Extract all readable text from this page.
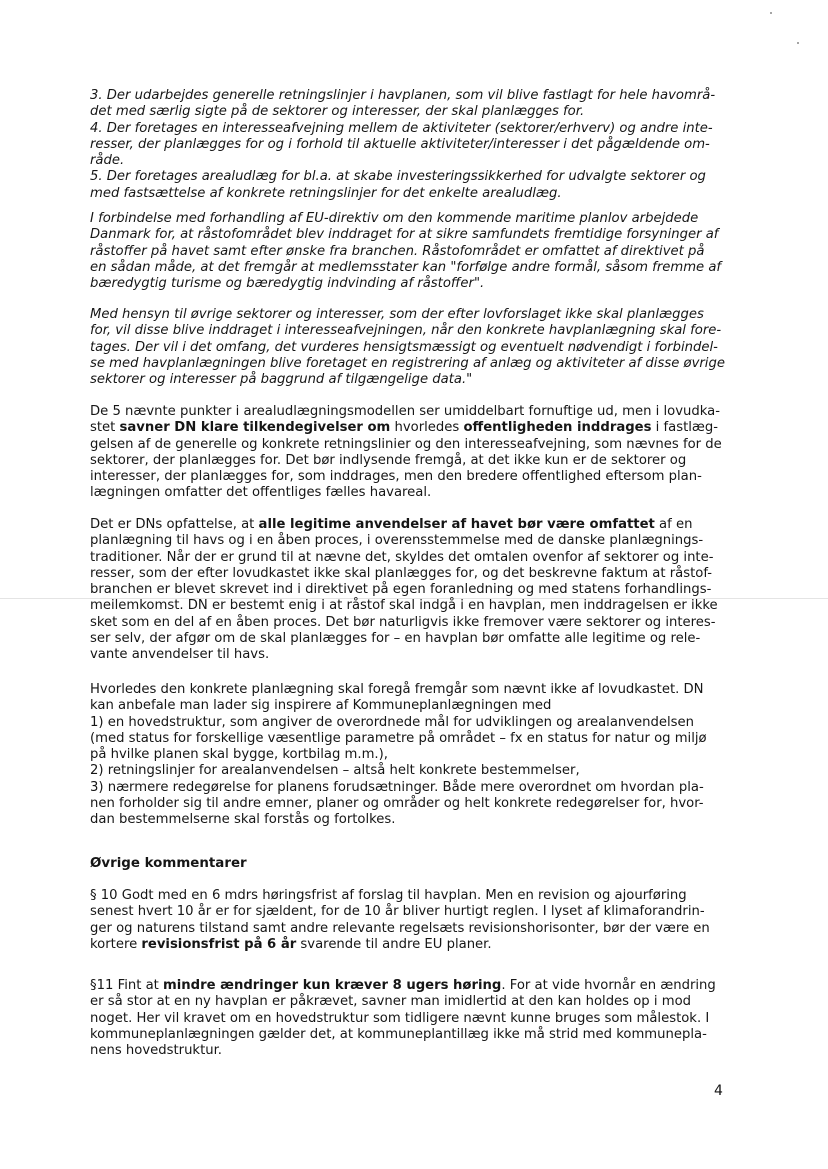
3. Der udarbejdes generelle retningslinjer i havplanen, som vil blive fastlagt for hele havområ-
det med særlig sigte på de sektorer og interesser, der skal planlægges for.
4. Der foretages en interesseafvejning mellem de aktiviteter (sektorer/erhverv) og andre inte-
resser, der planlægges for og i forhold til aktuelle aktiviteter/interesser i det pågældende om-
råde.
5. Der foretages arealudlæg for bl.a. at skabe investeringssikkerhed for udvalgte sektorer og
med fastsættelse af konkrete retningslinjer for det enkelte arealudlæg.
I forbindelse med forhandling af EU-direktiv om den kommende maritime planlov arbejdede
Danmark for, at råstofområdet blev inddraget for at sikre samfundets fremtidige forsyninger af
råstoffer på havet samt efter ønske fra branchen. Råstofområdet er omfattet af direktivet på
en sådan måde, at det fremgår at medlemsstater kan "forfølge andre formål, såsom fremme af
bæredygtig turisme og bæredygtig indvinding af råstoffer".
Med hensyn til øvrige sektorer og interesser, som der efter lovforslaget ikke skal planlægges
for, vil disse blive inddraget i interesseafvejningen, når den konkrete havplanlægning skal fore-
tages. Der vil i det omfang, det vurderes hensigtsmæssigt og eventuelt nødvendigt i forbindel-
se med havplanlægningen blive foretaget en registrering af anlæg og aktiviteter af disse øvrige
sektorer og interesser på baggrund af tilgængelige data."
De 5 nævnte punkter i arealudlægningsmodellen ser umiddelbart fornuftige ud, men i lovudka-
stet savner DN klare tilkendegivelser om hvorledes offentligheden inddrages i fastlæg-
gelsen af de generelle og konkrete retningslinier og den interesseafvejning, som nævnes for de
sektorer, der planlægges for. Det bør indlysende fremgå, at det ikke kun er de sektorer og
interesser, der planlægges for, som inddrages, men den bredere offentlighed eftersom plan-
lægningen omfatter det offentliges fælles havareal.
Det er DNs opfattelse, at alle legitime anvendelser af havet bør være omfattet af en
planlægning til havs og i en åben proces, i overensstemmelse med de danske planlægnings-
traditioner. Når der er grund til at nævne det, skyldes det omtalen ovenfor af sektorer og inte-
resser, som der efter lovudkastet ikke skal planlægges for, og det beskrevne faktum at råstof-
branchen er blevet skrevet ind i direktivet på egen foranledning og med statens forhandlings-
meilemkomst. DN er bestemt enig i at råstof skal indgå i en havplan, men inddragelsen er ikke
sket som en del af en åben proces. Det bør naturligvis ikke fremover være sektorer og interes-
ser selv, der afgør om de skal planlægges for – en havplan bør omfatte alle legitime og rele-
vante anvendelser til havs.
Hvorledes den konkrete planlægning skal foregå fremgår som nævnt ikke af lovudkastet. DN
kan anbefale man lader sig inspirere af Kommuneplanlægningen med
1) en hovedstruktur, som angiver de overordnede mål for udviklingen og arealanvendelsen
(med status for forskellige væsentlige parametre på området – fx en status for natur og miljø
på hvilke planen skal bygge, kortbilag m.m.),
2) retningslinjer for arealanvendelsen – altså helt konkrete bestemmelser,
3) nærmere redegørelse for planens forudsætninger. Både mere overordnet om hvordan pla-
nen forholder sig til andre emner, planer og områder og helt konkrete redegørelser for, hvor-
dan bestemmelserne skal forstås og fortolkes.
Øvrige kommentarer
§ 10 Godt med en 6 mdrs høringsfrist af forslag til havplan. Men en revision og ajourføring
senest hvert 10 år er for sjældent, for de 10 år bliver hurtigt reglen. I lyset af klimaforandrin-
ger og naturens tilstand samt andre relevante regelsæts revisionshorisonter, bør der være en
kortere revisionsfrist på 6 år svarende til andre EU planer.
§11 Fint at mindre ændringer kun kræver 8 ugers høring. For at vide hvornår en ændring
er så stor at en ny havplan er påkrævet, savner man imidlertid at den kan holdes op i mod
noget. Her vil kravet om en hovedstruktur som tidligere nævnt kunne bruges som målestok. I
kommuneplanlægningen gælder det, at kommuneplantillæg ikke må strid med kommunepla-
nens hovedstruktur.
4
